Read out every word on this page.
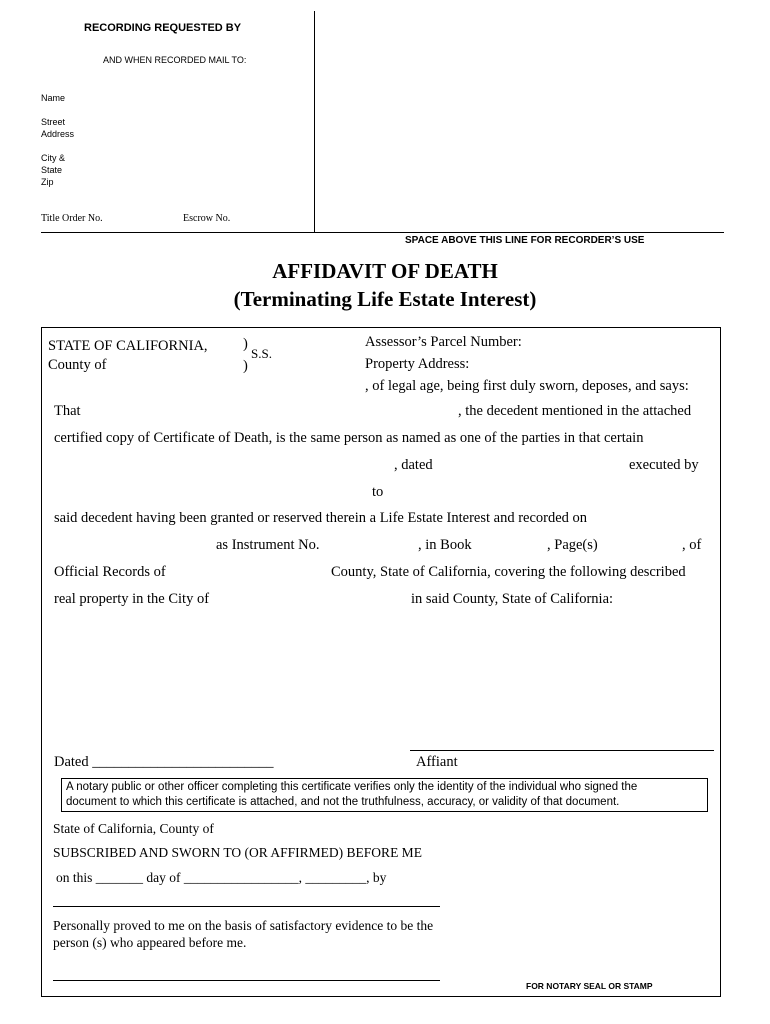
RECORDING REQUESTED BY
AND WHEN RECORDED MAIL TO:
Name
Street
Address
City &
State
Zip
Title Order No.	Escrow No.
SPACE ABOVE THIS LINE FOR RECORDER’S USE
AFFIDAVIT OF DEATH
(Terminating Life Estate Interest)
STATE OF CALIFORNIA,
County of
)
S.S.
)
Assessor’s Parcel Number:
Property Address:
, of legal age, being first duly sworn, deposes, and says:
That	, the decedent mentioned in the attached
certified copy of Certificate of Death, is the same person as named as one of the parties in that certain
, dated	executed by
to
said decedent having been granted or reserved therein a Life Estate Interest and recorded on
as Instrument No.	, in Book	, Page(s)	, of
Official Records of	County, State of California, covering the following described
real property in the City of	in said County, State of California:
Dated _________________________	Affiant
A notary public or other officer completing this certificate verifies only the identity of the individual who signed the
document to which this certificate is attached, and not the truthfulness, accuracy, or validity of that document.
State of California, County of
SUBSCRIBED AND SWORN TO (OR AFFIRMED) BEFORE ME
on this _______ day of _________________, _________, by
Personally proved to me on the basis of satisfactory evidence to be the
person (s) who appeared before me.
FOR NOTARY SEAL OR STAMP
